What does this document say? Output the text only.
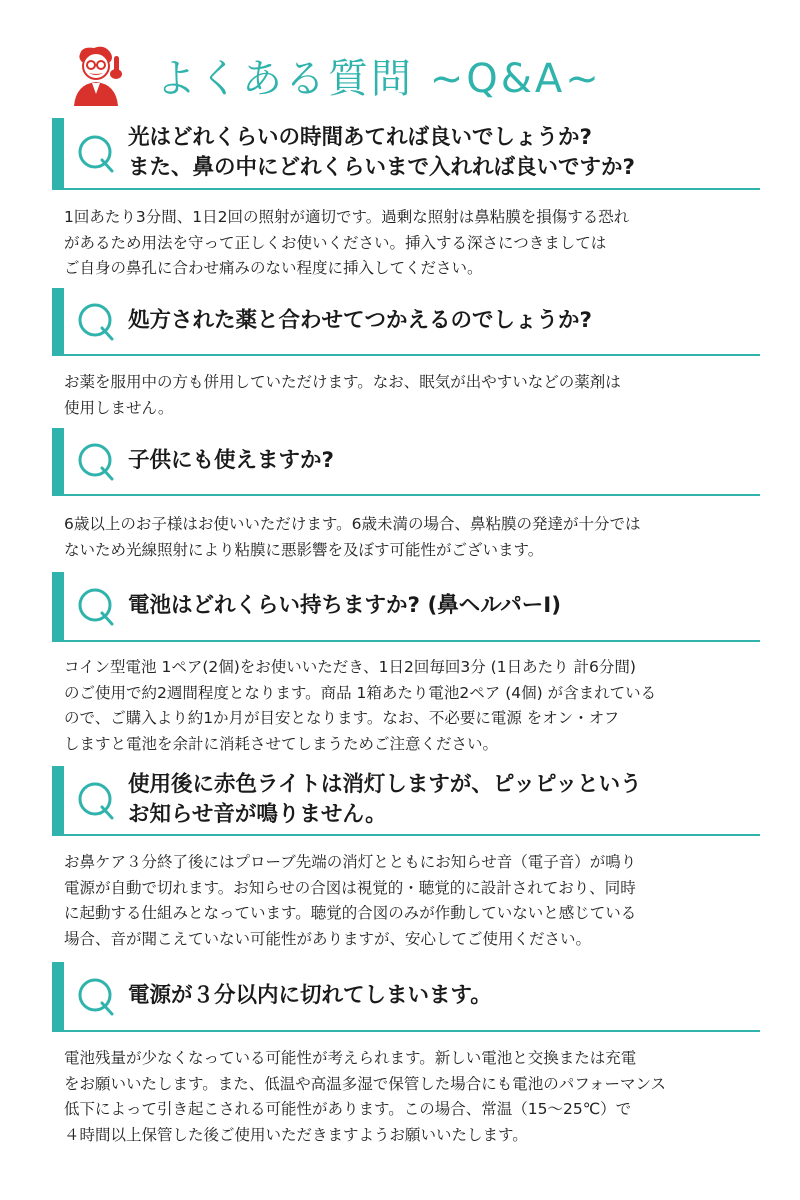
よくある質問 ~Q&A~
光はどれくらいの時間あてれば良いでしょうか?
また、鼻の中にどれくらいまで入れれば良いですか?
1回あたり3分間、1日2回の照射が適切です。過剰な照射は鼻粘膜を損傷する恐れ
があるため用法を守って正しくお使いください。挿入する深さにつきましては
ご自身の鼻孔に合わせ痛みのない程度に挿入してください。
処方された薬と合わせてつかえるのでしょうか?
お薬を服用中の方も併用していただけます。なお、眠気が出やすいなどの薬剤は
使用しません。
子供にも使えますか?
6歳以上のお子様はお使いいただけます。6歳未満の場合、鼻粘膜の発達が十分では
ないため光線照射により粘膜に悪影響を及ぼす可能性がございます。
電池はどれくらい持ちますか? (鼻ヘルパーI)
コイン型電池 1ペア(2個)をお使いいただき、1日2回毎回3分 (1日あたり 計6分間)
のご使用で約2週間程度となります。商品 1箱あたり電池2ペア (4個) が含まれている
ので、ご購入より約1か月が目安となります。なお、不必要に電源 をオン・オフ
しますと電池を余計に消耗させてしまうためご注意ください。
使用後に赤色ライトは消灯しますが、ピッピッという
お知らせ音が鳴りません。
お鼻ケア３分終了後にはプローブ先端の消灯とともにお知らせ音（電子音）が鳴り
電源が自動で切れます。お知らせの合図は視覚的・聴覚的に設計されており、同時
に起動する仕組みとなっています。聴覚的合図のみが作動していないと感じている
場合、音が聞こえていない可能性がありますが、安心してご使用ください。
電源が３分以内に切れてしまいます。
電池残量が少なくなっている可能性が考えられます。新しい電池と交換または充電
をお願いいたします。また、低温や高温多湿で保管した場合にも電池のパフォーマンス
低下によって引き起こされる可能性があります。この場合、常温（15～25℃）で
４時間以上保管した後ご使用いただきますようお願いいたします。
